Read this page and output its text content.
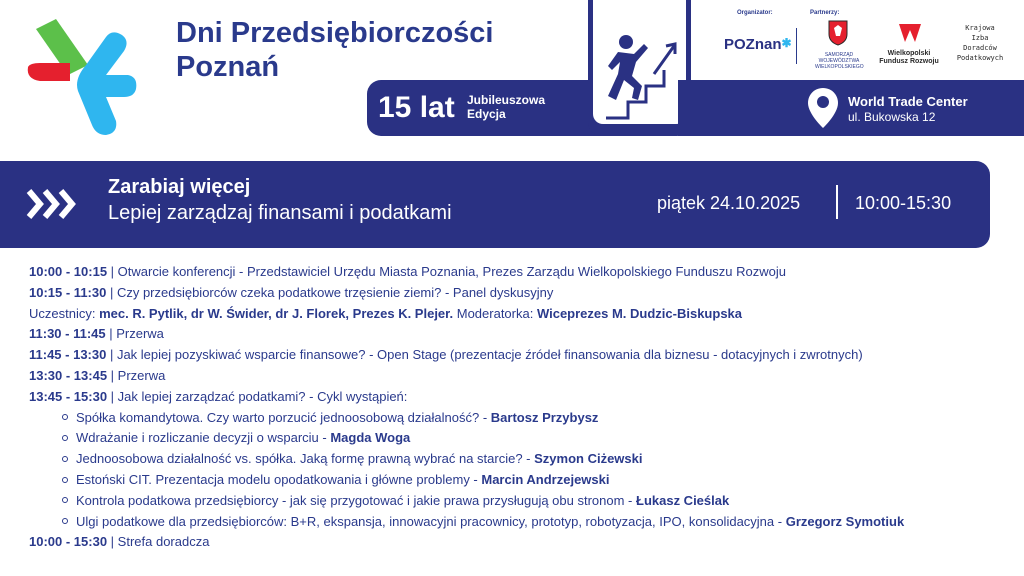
Dni Przedsiębiorczości
Poznań
15 lat Jubileuszowa
Edycja
World Trade Center
ul. Bukowska 12
Organizator:	Partnerzy:
POZnan✱
SAMORZĄD
WOJEWÓDZTWA
WIELKOPOLSKIEGO
Wielkopolski
Fundusz Rozwoju
Krajowa
Izba
Doradców
Podatkowych
Zarabiaj więcej
Lepiej zarządzaj finansami i podatkami	piątek 24.10.2025	10:00-15:30
10:00 - 10:15 | Otwarcie konferencji - Przedstawiciel Urzędu Miasta Poznania, Prezes Zarządu Wielkopolskiego Funduszu Rozwoju
10:15 - 11:30 | Czy przedsiębiorców czeka podatkowe trzęsienie ziemi? - Panel dyskusyjny
Uczestnicy: mec. R. Pytlik, dr W. Świder, dr J. Florek, Prezes K. Plejer. Moderatorka: Wiceprezes M. Dudzic-Biskupska
11:30 - 11:45 | Przerwa
11:45 - 13:30 | Jak lepiej pozyskiwać wsparcie finansowe? - Open Stage (prezentacje źródeł finansowania dla biznesu - dotacyjnych i zwrotnych)
13:30 - 13:45 | Przerwa
13:45 - 15:30 | Jak lepiej zarządzać podatkami? - Cykl wystąpień:
Spółka komandytowa. Czy warto porzucić jednoosobową działalność? - Bartosz Przybysz
Wdrażanie i rozliczanie decyzji o wsparciu - Magda Woga
Jednoosobowa działalność vs. spółka. Jaką formę prawną wybrać na starcie? - Szymon Ciżewski
Estoński CIT. Prezentacja modelu opodatkowania i główne problemy - Marcin Andrzejewski
Kontrola podatkowa przedsiębiorcy - jak się przygotować i jakie prawa przysługują obu stronom - Łukasz Cieślak
Ulgi podatkowe dla przedsiębiorców: B+R, ekspansja, innowacyjni pracownicy, prototyp, robotyzacja, IPO, konsolidacyjna - Grzegorz Symotiuk
10:00 - 15:30 | Strefa doradcza
